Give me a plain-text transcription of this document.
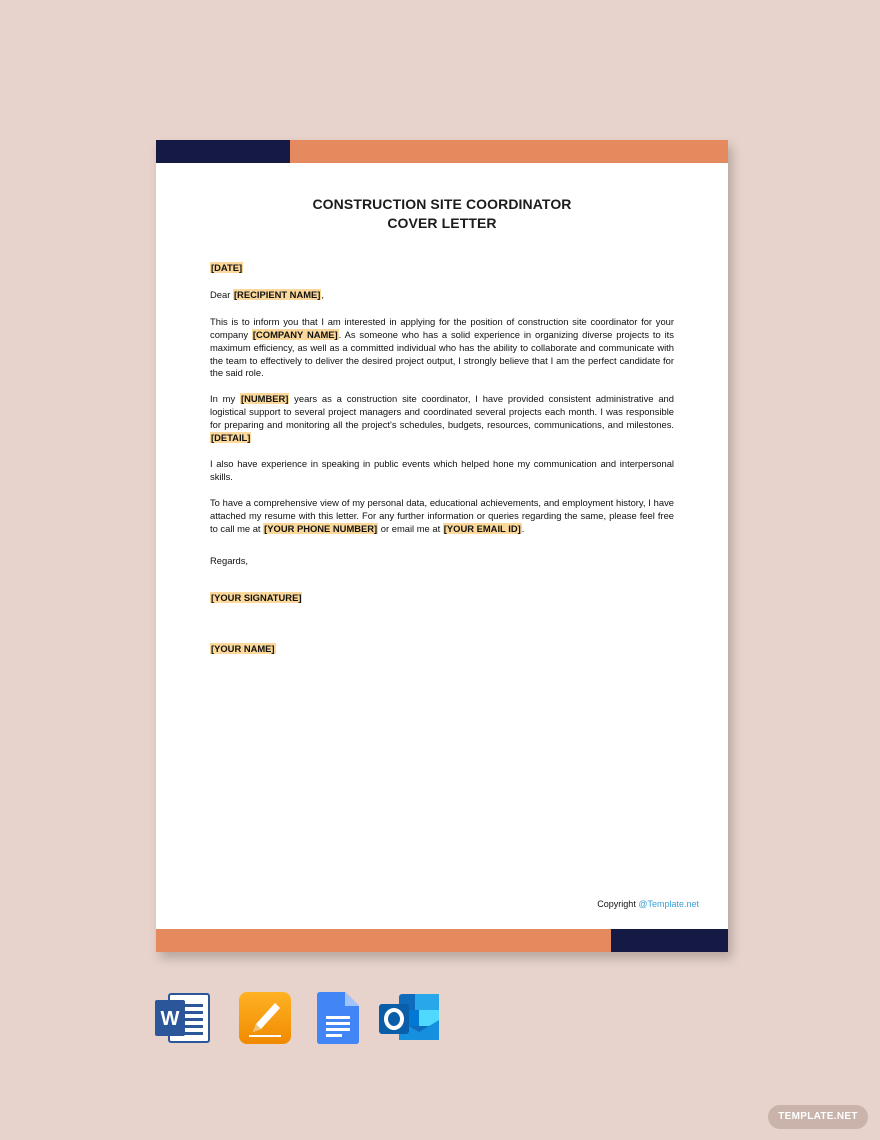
CONSTRUCTION SITE COORDINATOR
COVER LETTER

[DATE]

Dear [RECIPIENT NAME],

This is to inform you that I am interested in applying for the position of construction site coordinator for your company [COMPANY NAME]. As someone who has a solid experience in organizing diverse projects to its maximum efficiency, as well as a committed individual who has the ability to collaborate and communicate with the team to effectively to deliver the desired project output, I strongly believe that I am the perfect candidate for the said role.

In my [NUMBER] years as a construction site coordinator, I have provided consistent administrative and logistical support to several project managers and coordinated several projects each month. I was responsible for preparing and monitoring all the project's schedules, budgets, resources, communications, and milestones. [DETAIL]

I also have experience in speaking in public events which helped hone my communication and interpersonal skills.

To have a comprehensive view of my personal data, educational achievements, and employment history, I have attached my resume with this letter. For any further information or queries regarding the same, please feel free to call me at [YOUR PHONE NUMBER] or email me at [YOUR EMAIL ID].

Regards,

[YOUR SIGNATURE]

[YOUR NAME]

Copyright @Template.net
W
TEMPLATE.NET
